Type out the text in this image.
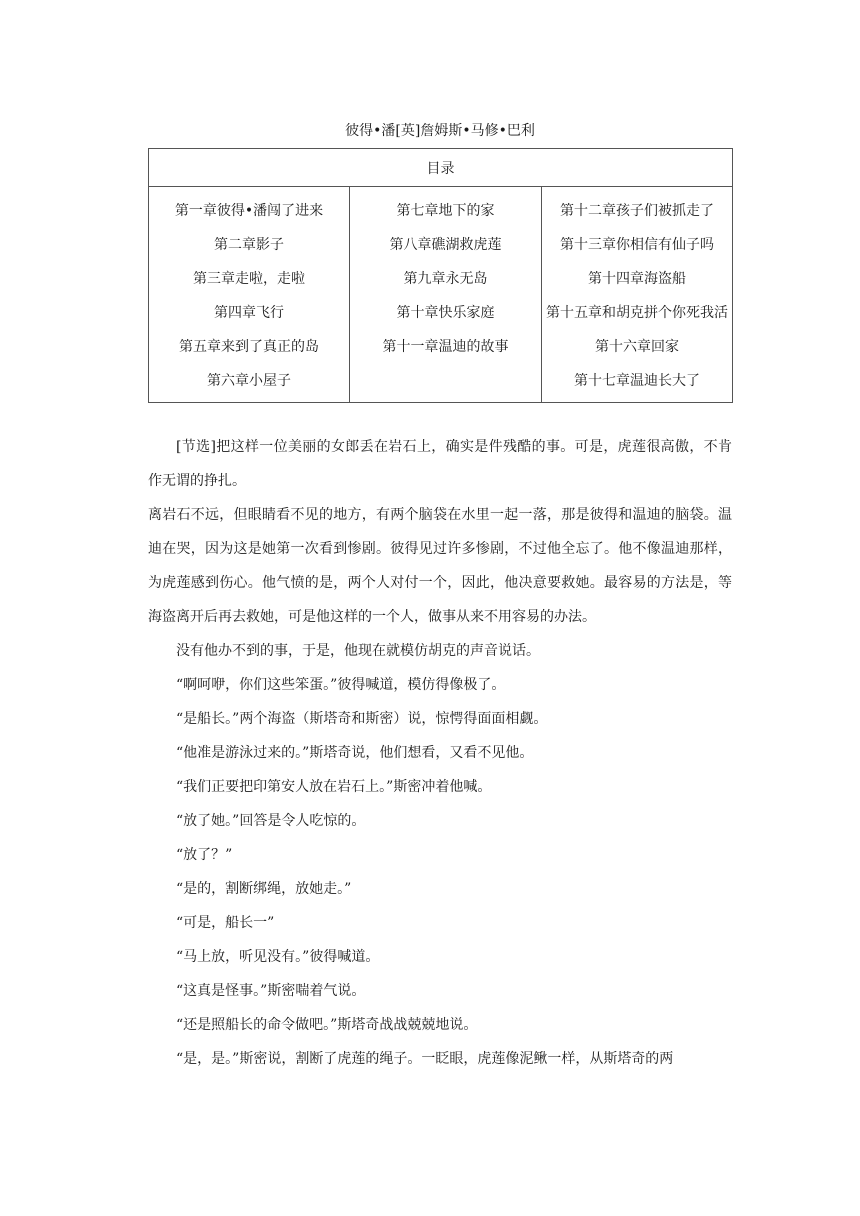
彼得•潘[英]詹姆斯•马修•巴利
目录

第一章彼得•潘闯了进来
第二章影子
第三章走啦，走啦
第四章飞行
第五章来到了真正的岛
第六章小屋子

第七章地下的家
第八章礁湖救虎莲
第九章永无岛
第十章快乐家庭
第十一章温迪的故事

第十二章孩子们被抓走了
第十三章你相信有仙子吗
第十四章海盗船
第十五章和胡克拼个你死我活
第十六章回家
第十七章温迪长大了

[节选]把这样一位美丽的女郎丢在岩石上，确实是件残酷的事。可是，虎莲很高傲，不肯作无谓的挣扎。

离岩石不远，但眼睛看不见的地方，有两个脑袋在水里一起一落，那是彼得和温迪的脑袋。温迪在哭，因为这是她第一次看到惨剧。彼得见过许多惨剧，不过他全忘了。他不像温迪那样，为虎莲感到伤心。他气愤的是，两个人对付一个，因此，他决意要救她。最容易的方法是，等海盗离开后再去救她，可是他这样的一个人，做事从来不用容易的办法。

没有他办不到的事，于是，他现在就模仿胡克的声音说话。

“啊呵咿，你们这些笨蛋。”彼得喊道，模仿得像极了。

“是船长。”两个海盗（斯塔奇和斯密）说，惊愕得面面相觑。

“他准是游泳过来的。”斯塔奇说，他们想看，又看不见他。

“我们正要把印第安人放在岩石上。”斯密冲着他喊。

“放了她。”回答是令人吃惊的。

“放了？”

“是的，割断绑绳，放她走。”

“可是，船长一”

“马上放，听见没有。”彼得喊道。

“这真是怪事。”斯密喘着气说。

“还是照船长的命令做吧。”斯塔奇战战兢兢地说。

“是，是。”斯密说，割断了虎莲的绳子。一眨眼，虎莲像泥鳅一样，从斯塔奇的两
